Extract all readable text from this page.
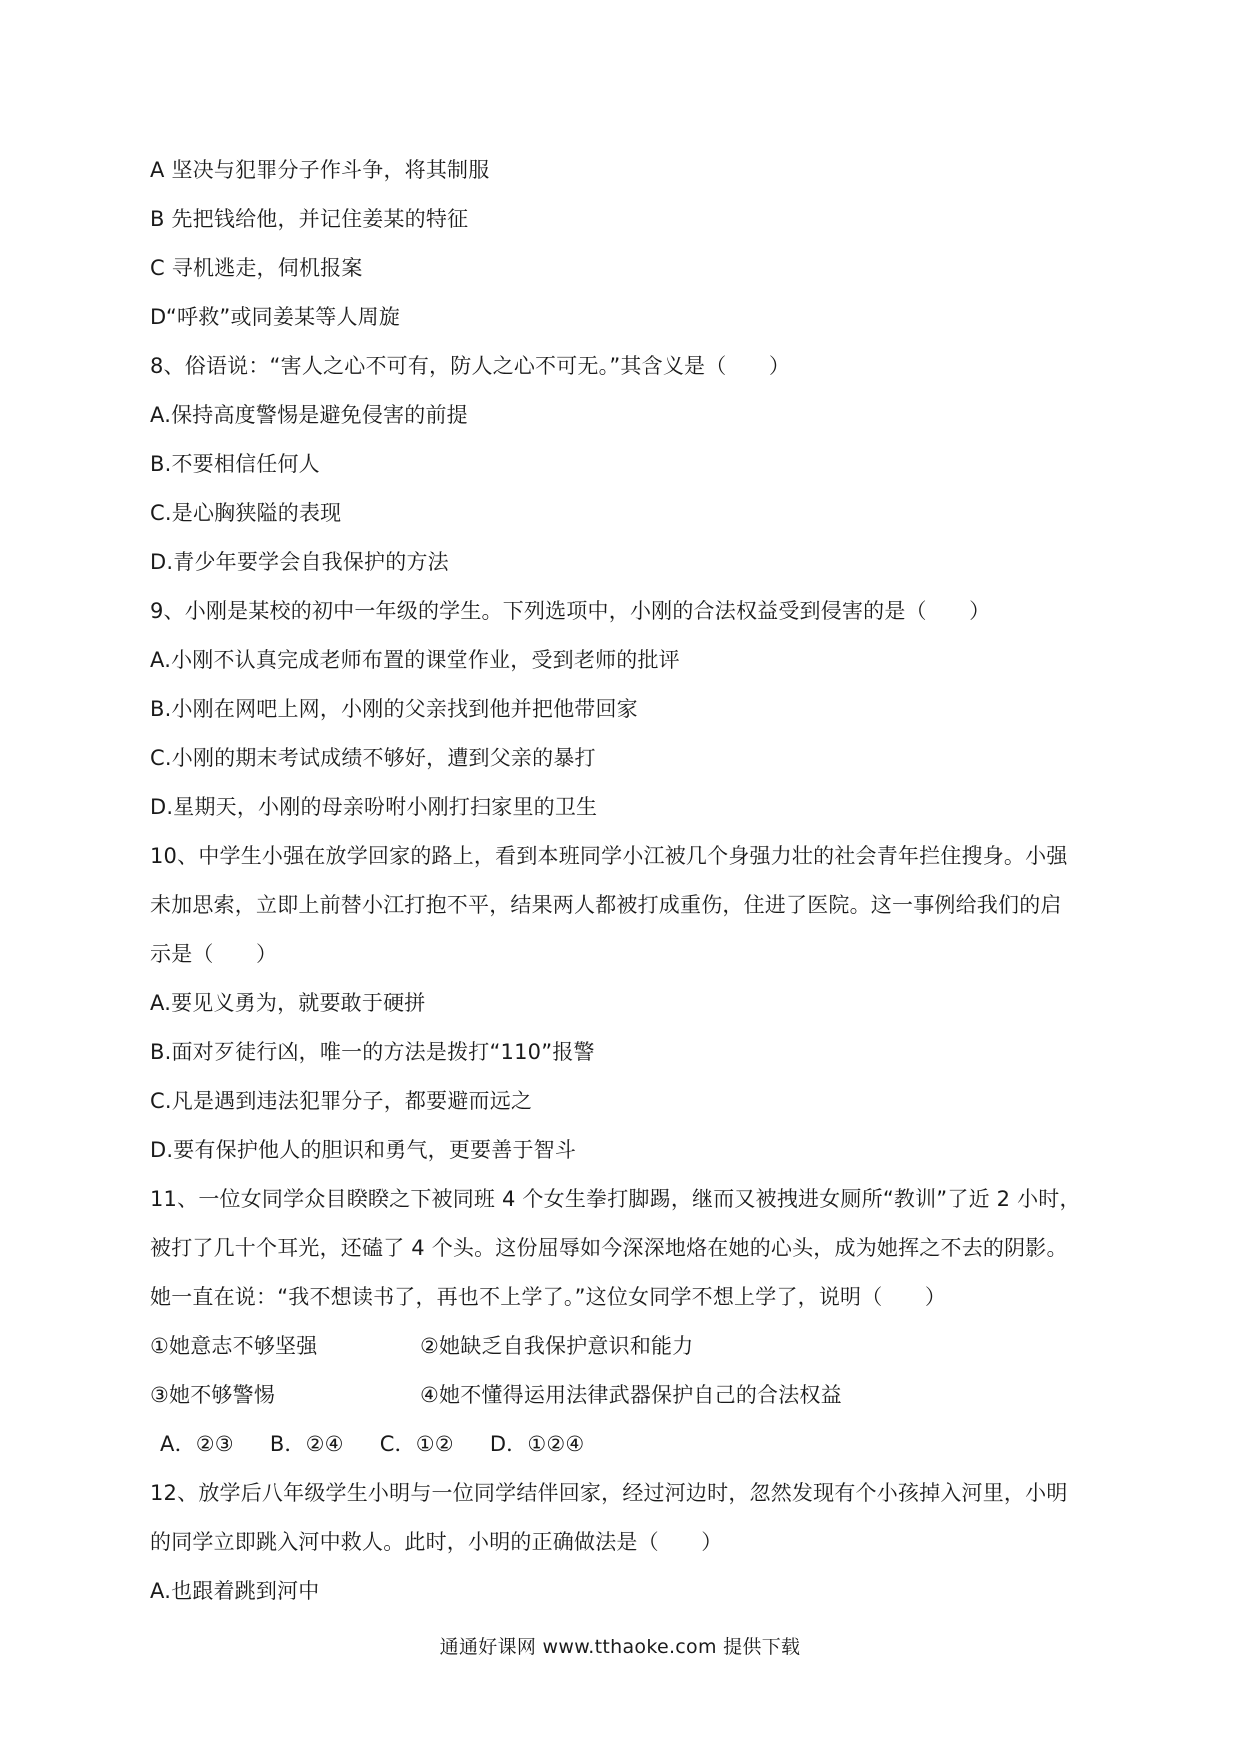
A 坚决与犯罪分子作斗争，将其制服
B 先把钱给他，并记住姜某的特征
C 寻机逃走，伺机报案
D“呼救”或同姜某等人周旋
8、俗语说：“害人之心不可有，防人之心不可无。”其含义是（　　）
A.保持高度警惕是避免侵害的前提
B.不要相信任何人
C.是心胸狭隘的表现
D.青少年要学会自我保护的方法
9、小刚是某校的初中一年级的学生。下列选项中，小刚的合法权益受到侵害的是（　　）
A.小刚不认真完成老师布置的课堂作业，受到老师的批评
B.小刚在网吧上网，小刚的父亲找到他并把他带回家
C.小刚的期末考试成绩不够好，遭到父亲的暴打
D.星期天，小刚的母亲吩咐小刚打扫家里的卫生
10、中学生小强在放学回家的路上，看到本班同学小江被几个身强力壮的社会青年拦住搜身。小强
未加思索，立即上前替小江打抱不平，结果两人都被打成重伤，住进了医院。这一事例给我们的启
示是（　　）
A.要见义勇为，就要敢于硬拼
B.面对歹徒行凶，唯一的方法是拨打“110”报警
C.凡是遇到违法犯罪分子，都要避而远之
D.要有保护他人的胆识和勇气，更要善于智斗
11、一位女同学众目睽睽之下被同班 4 个女生拳打脚踢，继而又被拽进女厕所“教训”了近 2 小时，
被打了几十个耳光，还磕了 4 个头。这份屈辱如今深深地烙在她的心头，成为她挥之不去的阴影。
她一直在说：“我不想读书了，再也不上学了。”这位女同学不想上学了，说明（　　）
①她意志不够坚强	②她缺乏自我保护意识和能力
③她不够警惕	④她不懂得运用法律武器保护自己的合法权益
A．②③ B．②④ C．①② D．①②④
12、放学后八年级学生小明与一位同学结伴回家，经过河边时，忽然发现有个小孩掉入河里，小明
的同学立即跳入河中救人。此时，小明的正确做法是（　　）
A.也跟着跳到河中
通通好课网 www.tthaoke.com 提供下载
